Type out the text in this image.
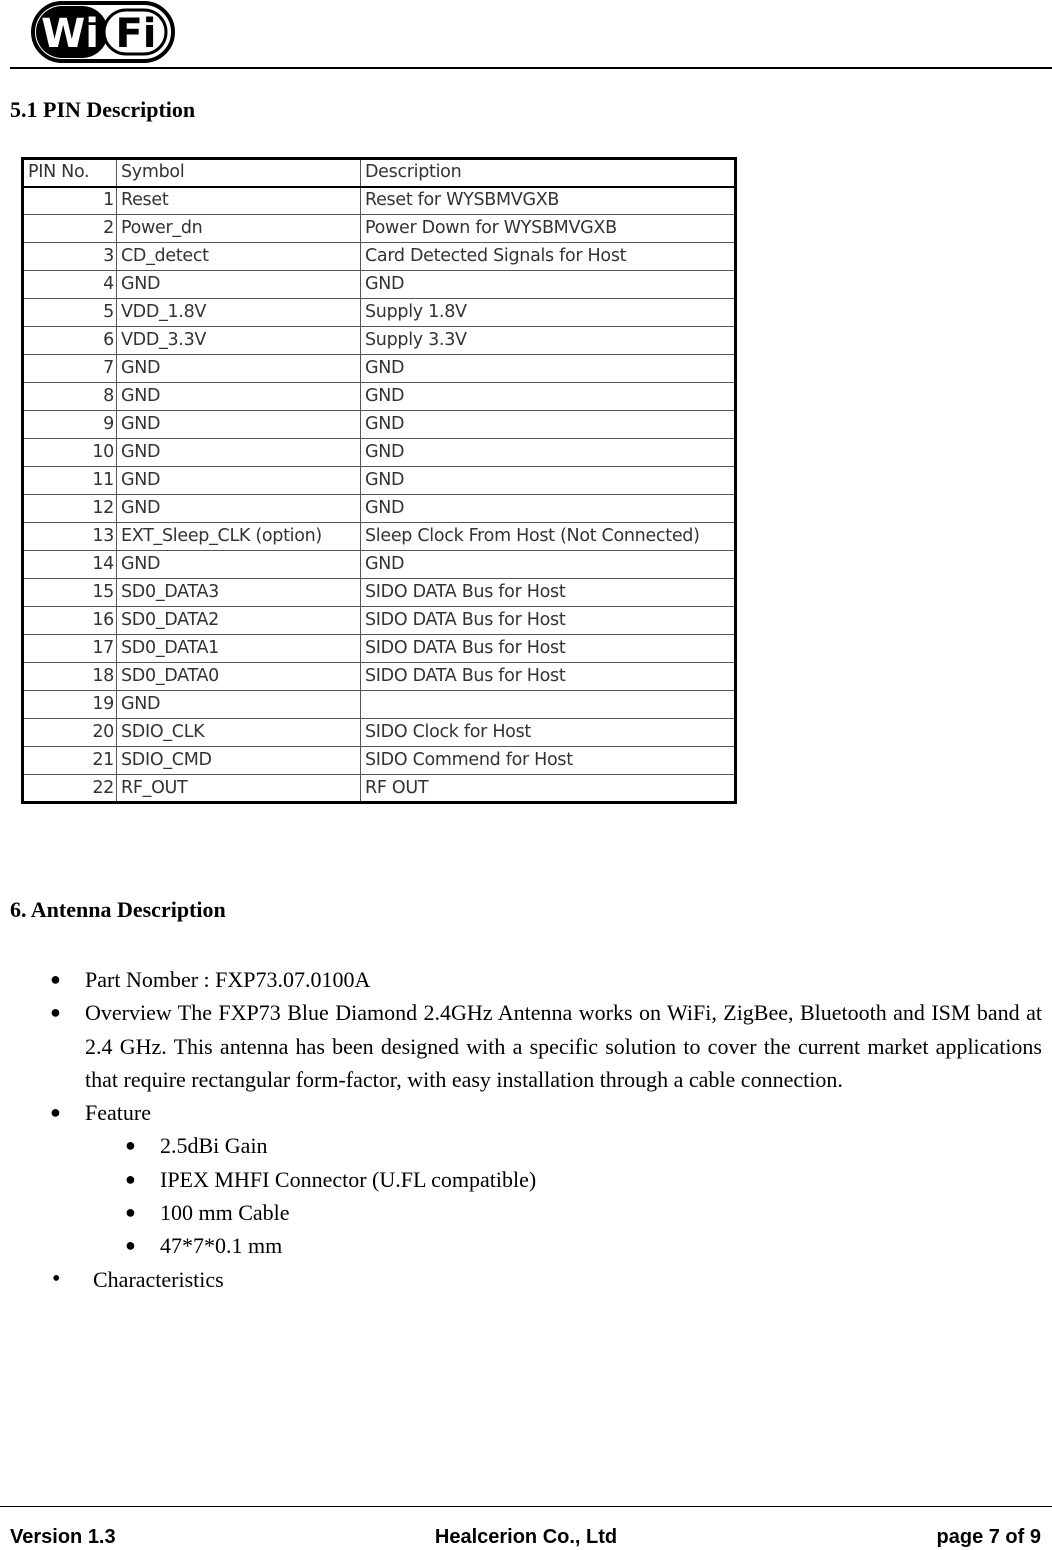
Wi Fi
5.1 PIN Description
PIN No.	Symbol	Description
1	Reset	Reset for WYSBMVGXB
2	Power_dn	Power Down for WYSBMVGXB
3	CD_detect	Card Detected Signals for Host
4	GND	GND
5	VDD_1.8V	Supply 1.8V
6	VDD_3.3V	Supply 3.3V
7	GND	GND
8	GND	GND
9	GND	GND
10	GND	GND
11	GND	GND
12	GND	GND
13	EXT_Sleep_CLK (option)	Sleep Clock From Host (Not Connected)
14	GND	GND
15	SD0_DATA3	SIDO DATA Bus for Host
16	SD0_DATA2	SIDO DATA Bus for Host
17	SD0_DATA1	SIDO DATA Bus for Host
18	SD0_DATA0	SIDO DATA Bus for Host
19	GND	
20	SDIO_CLK	SIDO Clock for Host
21	SDIO_CMD	SIDO Commend for Host
22	RF_OUT	RF OUT
6. Antenna Description

● Part Nomber : FXP73.07.0100A

● Overview The FXP73 Blue Diamond 2.4GHz Antenna works on WiFi, ZigBee, Bluetooth and ISM band at 2.4 GHz. This antenna has been designed with a specific solution to cover the current market applications that require rectangular form-factor, with easy installation through a cable connection.

● Feature

● 2.5dBi Gain

● IPEX MHFI Connector (U.FL compatible)

● 100 mm Cable

● 47*7*0.1 mm

• Characteristics

Version 1.3	Healcerion Co., Ltd	page 7 of 9
